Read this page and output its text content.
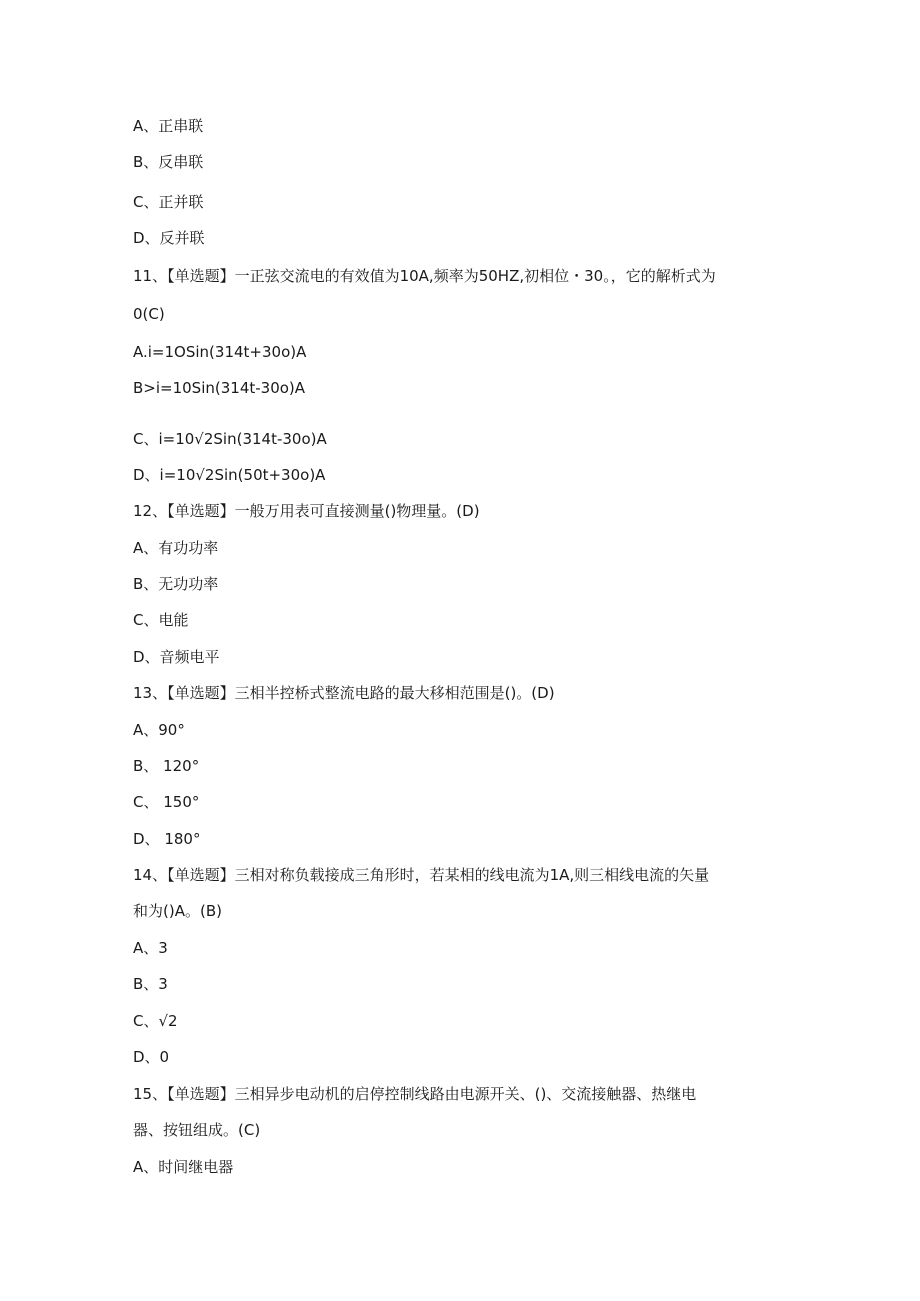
A、正串联
B、反串联
C、正并联
D、反并联
11、【单选题】一正弦交流电的有效值为10A,频率为50HZ,初相位・30。，它的解析式为
0(C)
A.i=1OSin(314t+30o)A
B>i=10Sin(314t-30o)A
C、i=10√2Sin(314t-30o)A
D、i=10√2Sin(50t+30o)A
12、【单选题】一般万用表可直接测量()物理量。(D)
A、有功功率
B、无功功率
C、电能
D、音频电平
13、【单选题】三相半控桥式整流电路的最大移相范围是()。(D)
A、90°
B、 120°
C、 150°
D、 180°
14、【单选题】三相对称负载接成三角形时，若某相的线电流为1A,则三相线电流的矢量
和为()A。(B)
A、3
B、3
C、√2
D、0
15、【单选题】三相异步电动机的启停控制线路由电源开关、()、交流接触器、热继电
器、按钮组成。(C)
A、时间继电器
